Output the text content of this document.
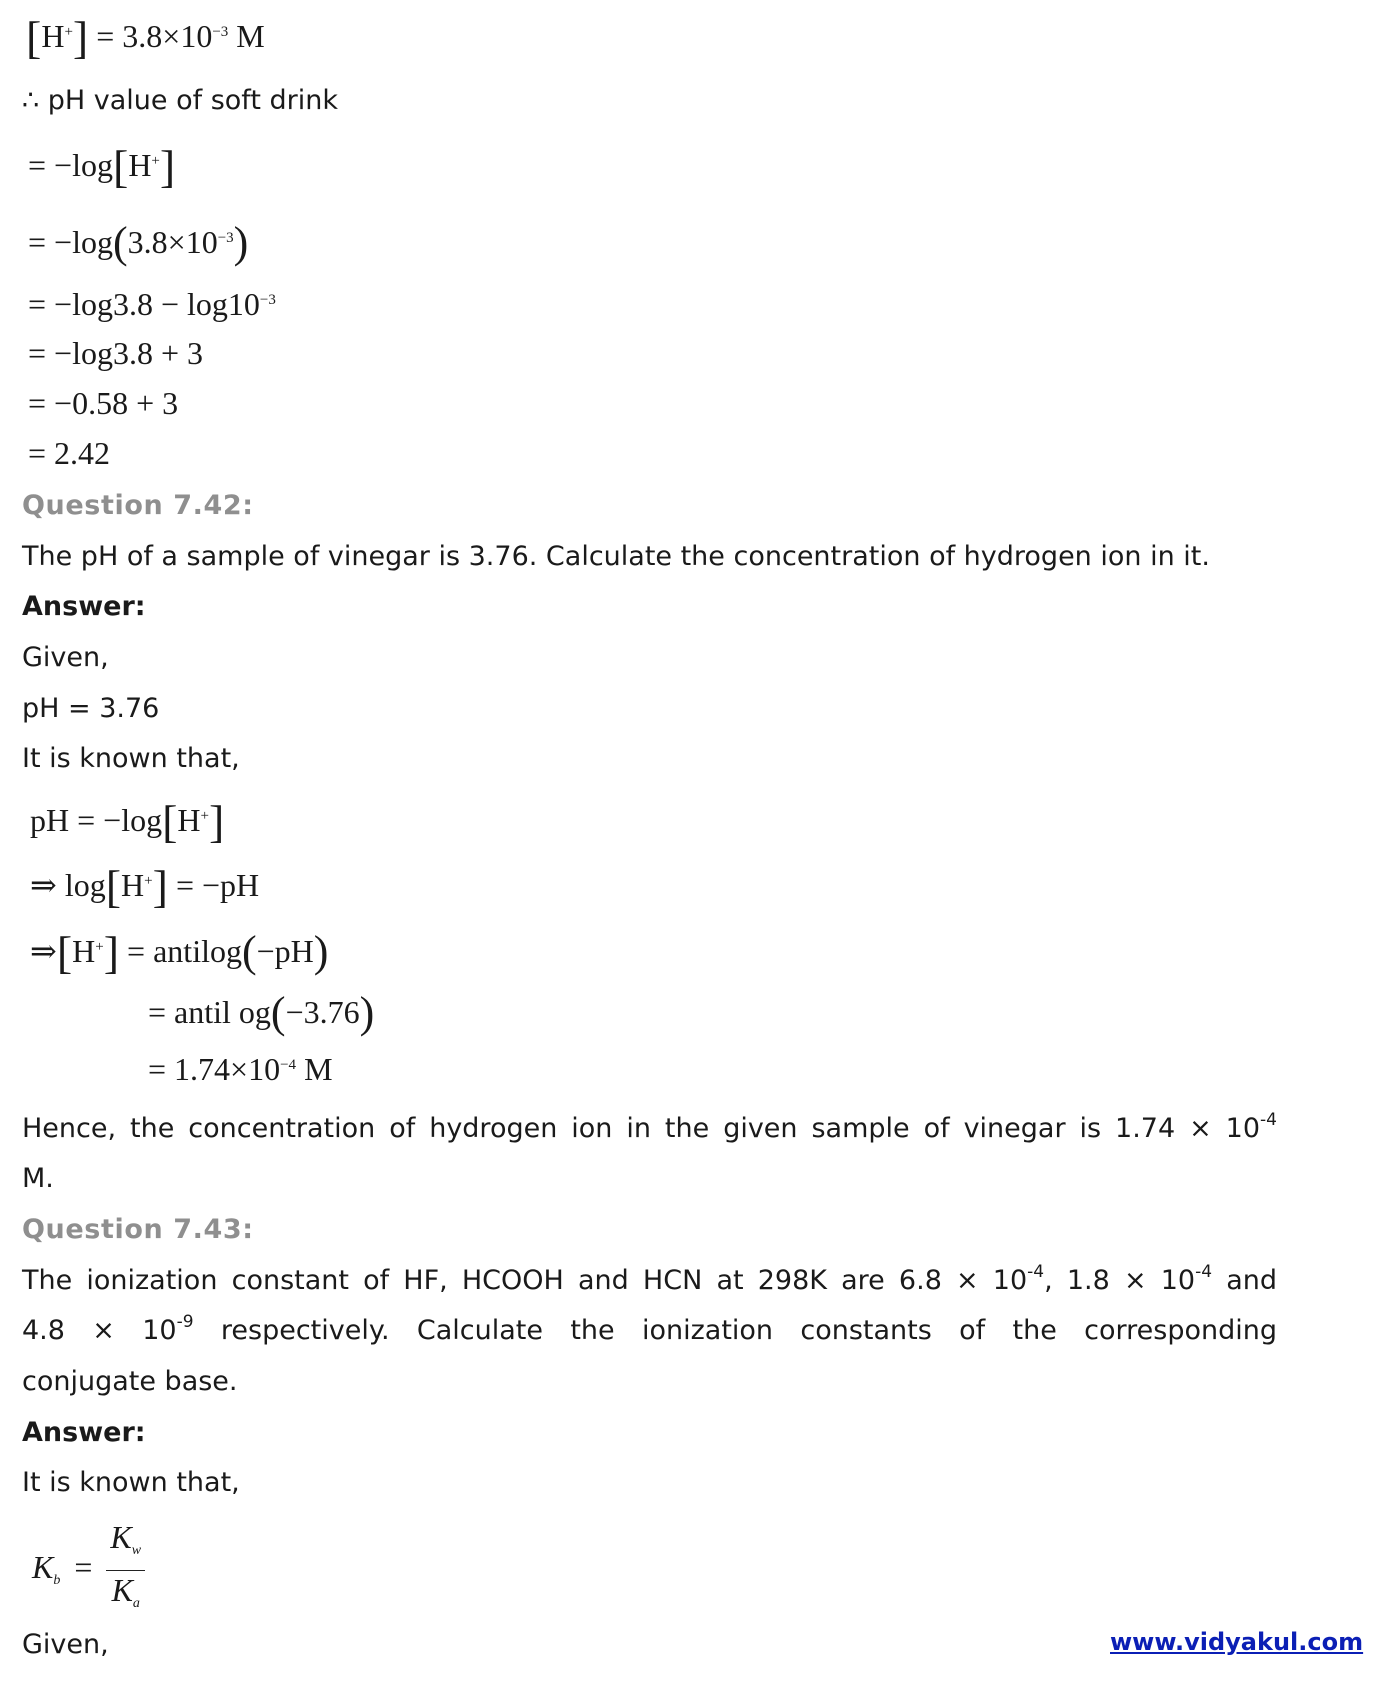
$[H^+] = 3.8\times 10^{-3}$ M
∴ pH value of soft drink
= −log[H+]
= $-\log(3.8\times 10^{-3})$
= $-\log 3.8 - \log 10^{-3}$
= −log3.8 + 3
= −0.58 + 3
= 2.42
Question 7.42:
The pH of a sample of vinegar is 3.76. Calculate the concentration of hydrogen ion in it.
Answer:
Given,
pH = 3.76
It is known that,
pH = −log[H+]
⇒ log[H+] = −pH
⇒[H+] = antilog(−pH)
= antil og(−3.76)
= $1.74\times 10^{-4}$ M
Hence, the concentration of hydrogen ion in the given sample of vinegar is $1.74 \times 10^{-4}$
M.
Question 7.43:
The ionization constant of HF, HCOOH and HCN at 298K are $6.8 \times 10^{-4}$, $1.8 \times 10^{-4}$ and
$4.8 \times 10^{-9}$ respectively. Calculate the ionization constants of the corresponding
conjugate base.
Answer:
It is known that,
$K_b = \frac{K_w}{K_a}$
Given,	www.vidyakul.com
